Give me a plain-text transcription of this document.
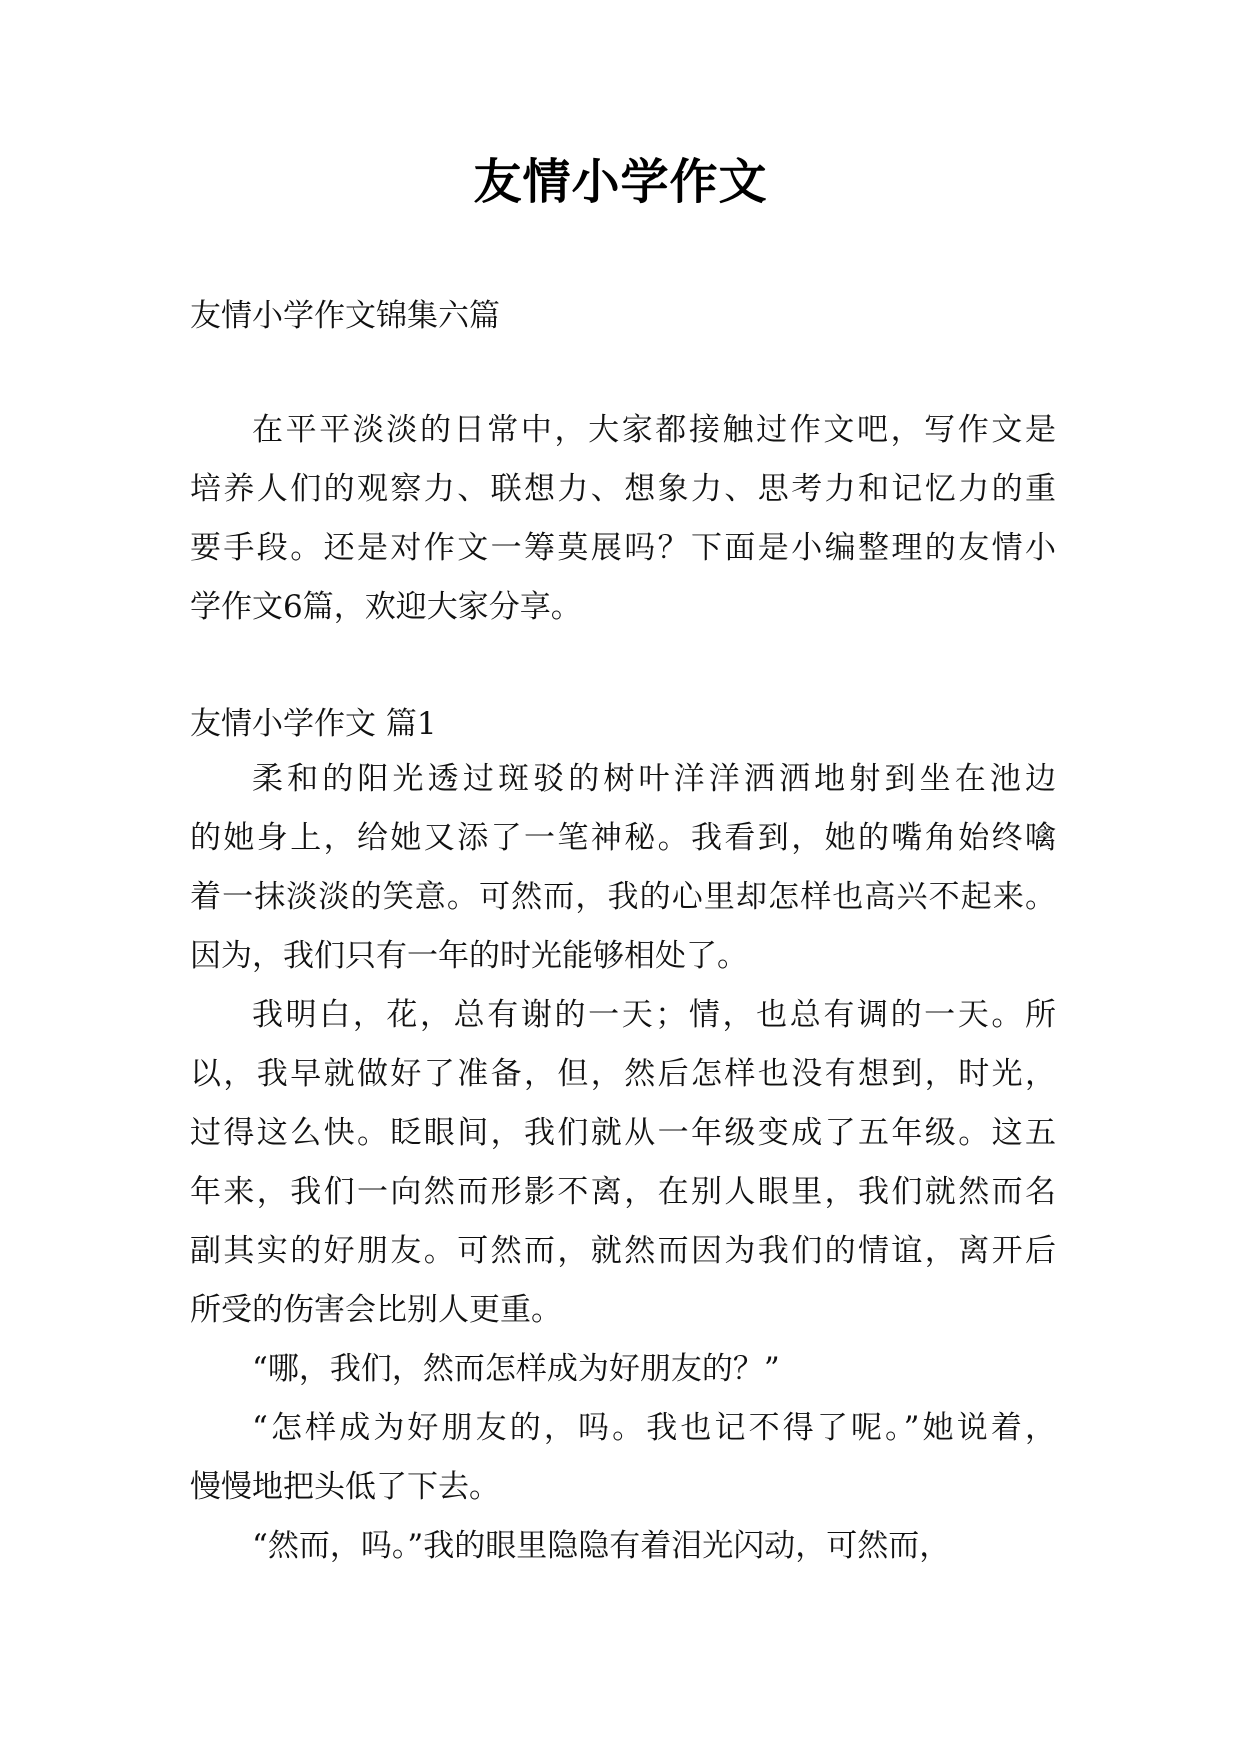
友情小学作文
友情小学作文锦集六篇
在平平淡淡的日常中，大家都接触过作文吧，写作文是
培养人们的观察力、联想力、想象力、思考力和记忆力的重
要手段。还是对作文一筹莫展吗？下面是小编整理的友情小
学作文6篇，欢迎大家分享。
友情小学作文 篇1
柔和的阳光透过斑驳的树叶洋洋洒洒地射到坐在池边
的她身上，给她又添了一笔神秘。我看到，她的嘴角始终噙
着一抹淡淡的笑意。可然而，我的心里却怎样也高兴不起来。
因为，我们只有一年的时光能够相处了。
我明白，花，总有谢的一天；情，也总有调的一天。所
以，我早就做好了准备，但，然后怎样也没有想到，时光，
过得这么快。眨眼间，我们就从一年级变成了五年级。这五
年来，我们一向然而形影不离，在别人眼里，我们就然而名
副其实的好朋友。可然而，就然而因为我们的情谊，离开后
所受的伤害会比别人更重。
“哪，我们，然而怎样成为好朋友的？”
“怎样成为好朋友的，吗。我也记不得了呢。”她说着，
慢慢地把头低了下去。
“然而，吗。”我的眼里隐隐有着泪光闪动，可然而，
